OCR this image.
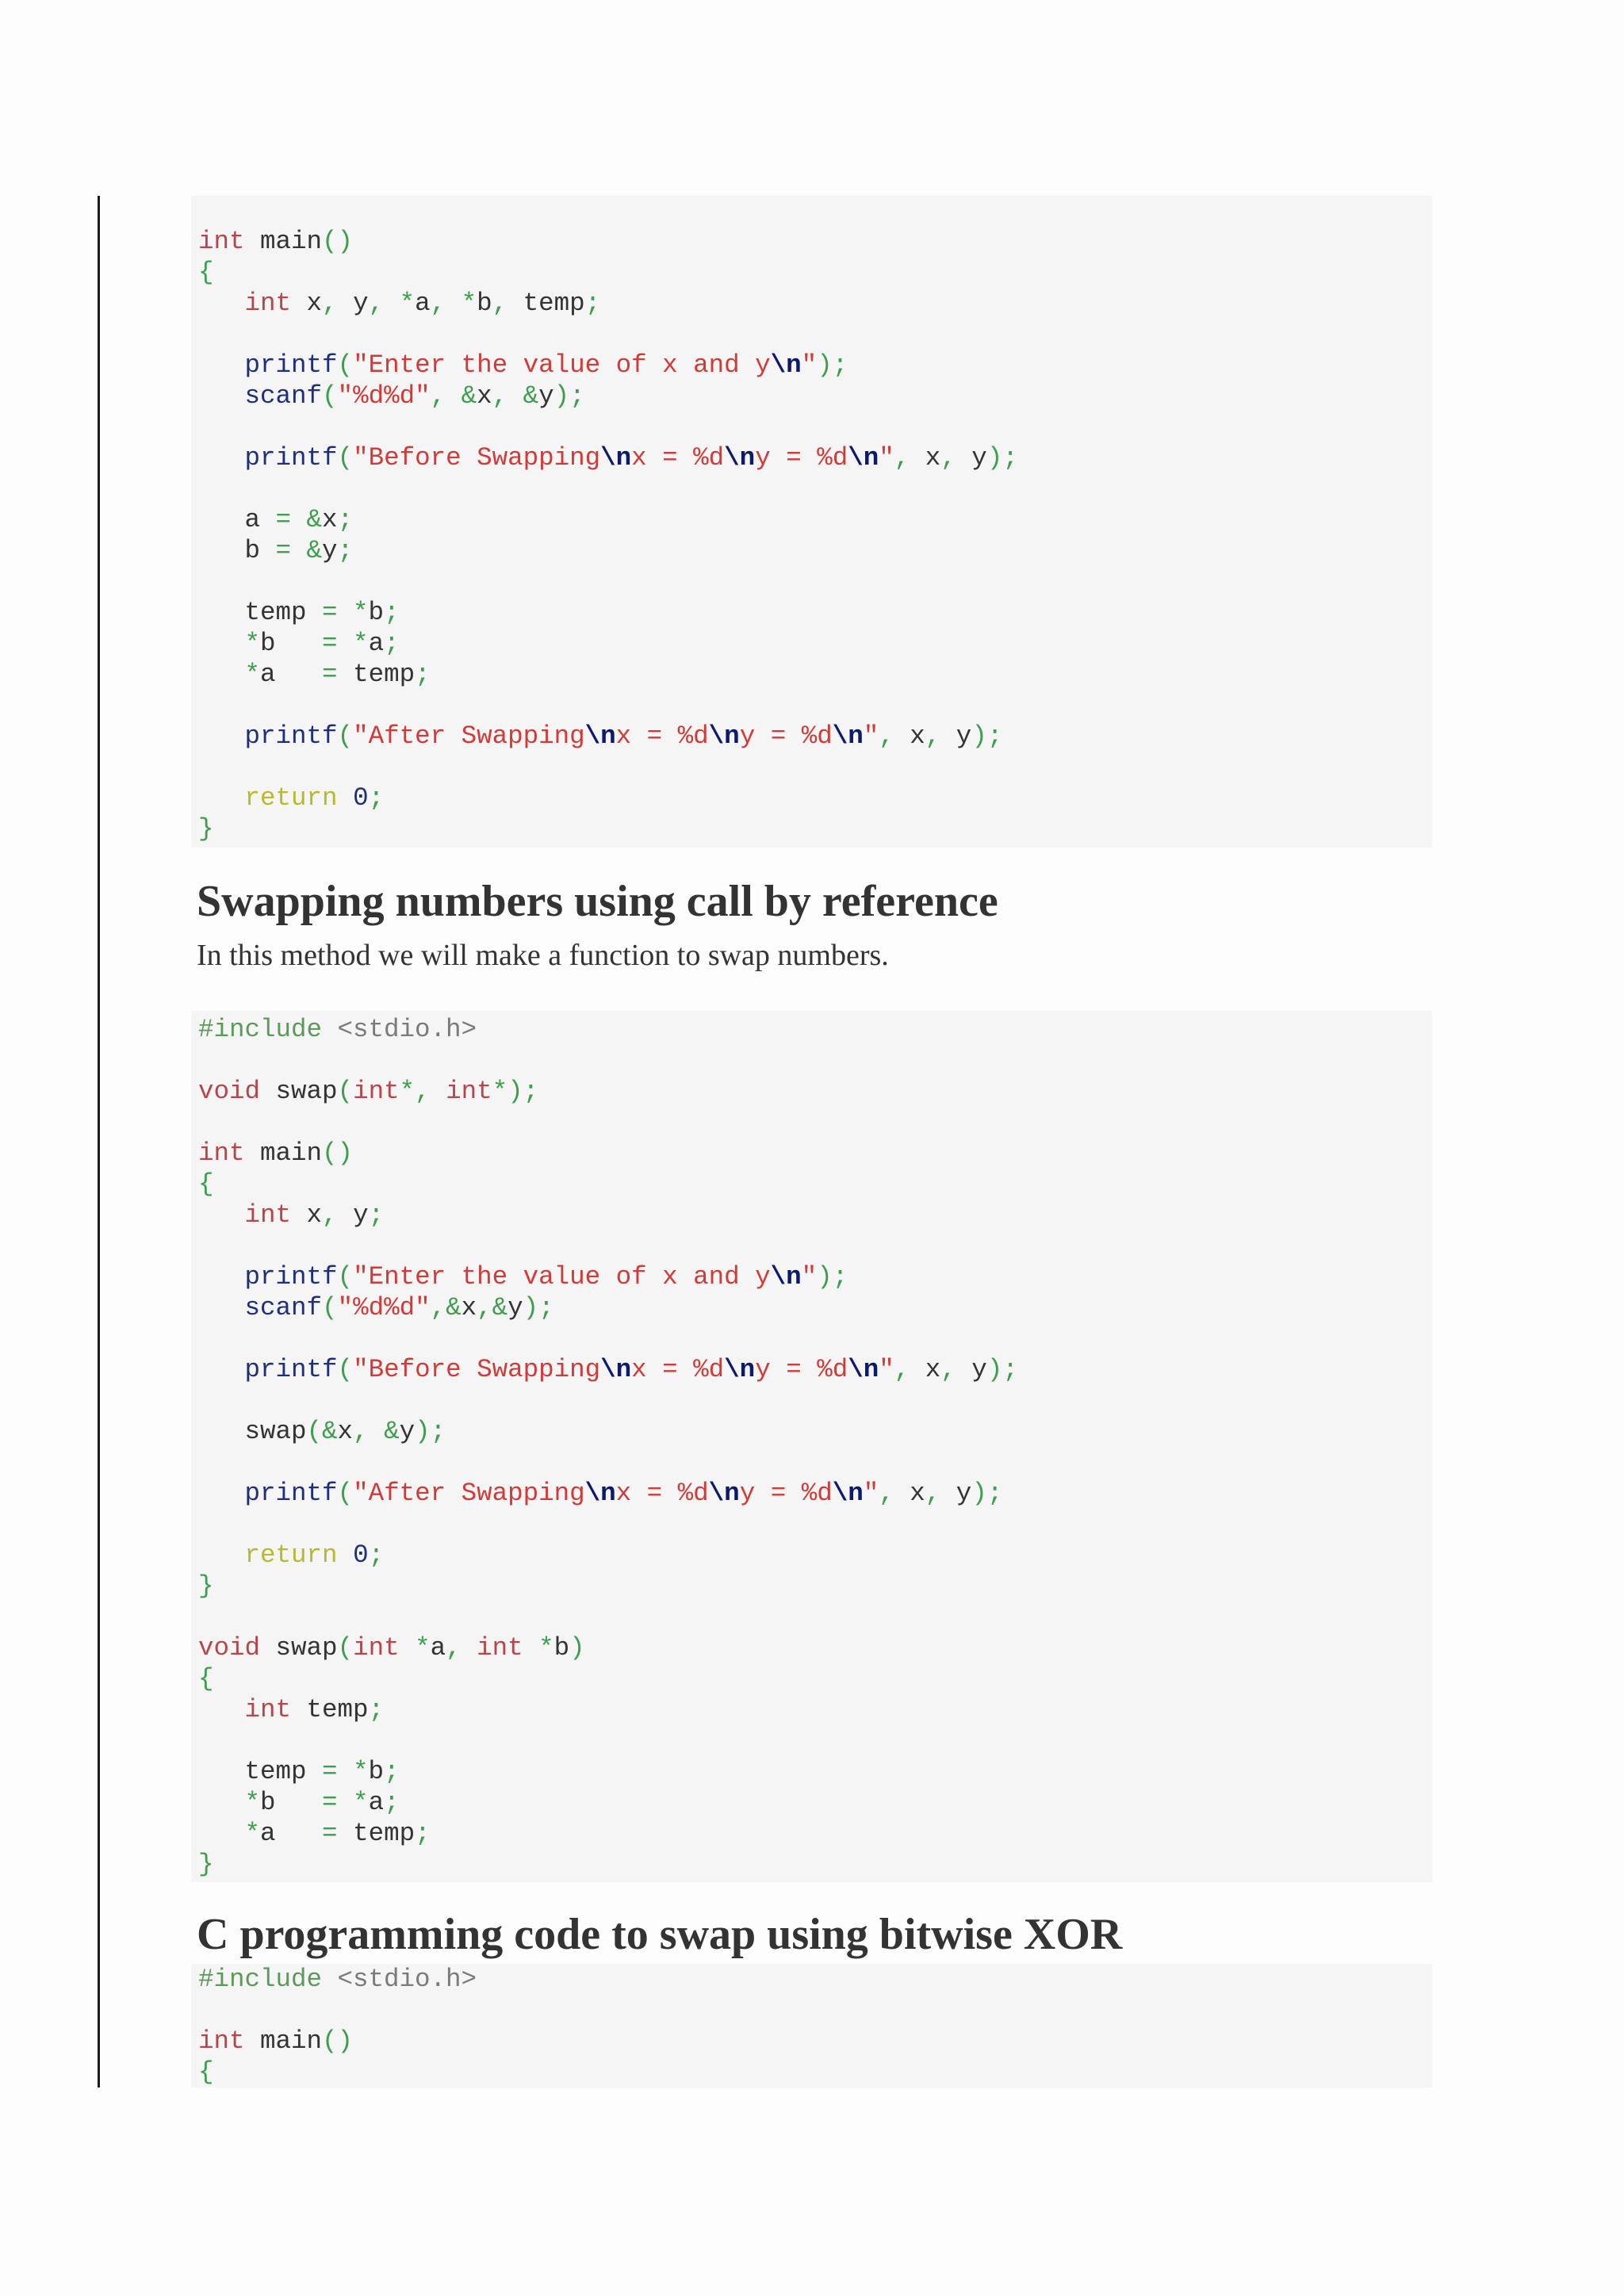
int main()
{
int x, y, *a, *b, temp;
printf("Enter the value of x and y\n");
scanf("%d%d", &x, &y);
printf("Before Swapping\nx = %d\ny = %d\n", x, y);
a = &x;
b = &y;
temp = *b;
*b   = *a;
*a   = temp;
printf("After Swapping\nx = %d\ny = %d\n", x, y);
return 0;
}
Swapping numbers using call by reference

In this method we will make a function to swap numbers.

#include <stdio.h>
void swap(int*, int*);
int main()
{
int x, y;
printf("Enter the value of x and y\n");
scanf("%d%d",&x,&y);
printf("Before Swapping\nx = %d\ny = %d\n", x, y);
swap(&x, &y);
printf("After Swapping\nx = %d\ny = %d\n", x, y);
return 0;
}
void swap(int *a, int *b)
{
int temp;
temp = *b;
*b   = *a;
*a   = temp;
}
C programming code to swap using bitwise XOR
#include <stdio.h>
int main()
{
